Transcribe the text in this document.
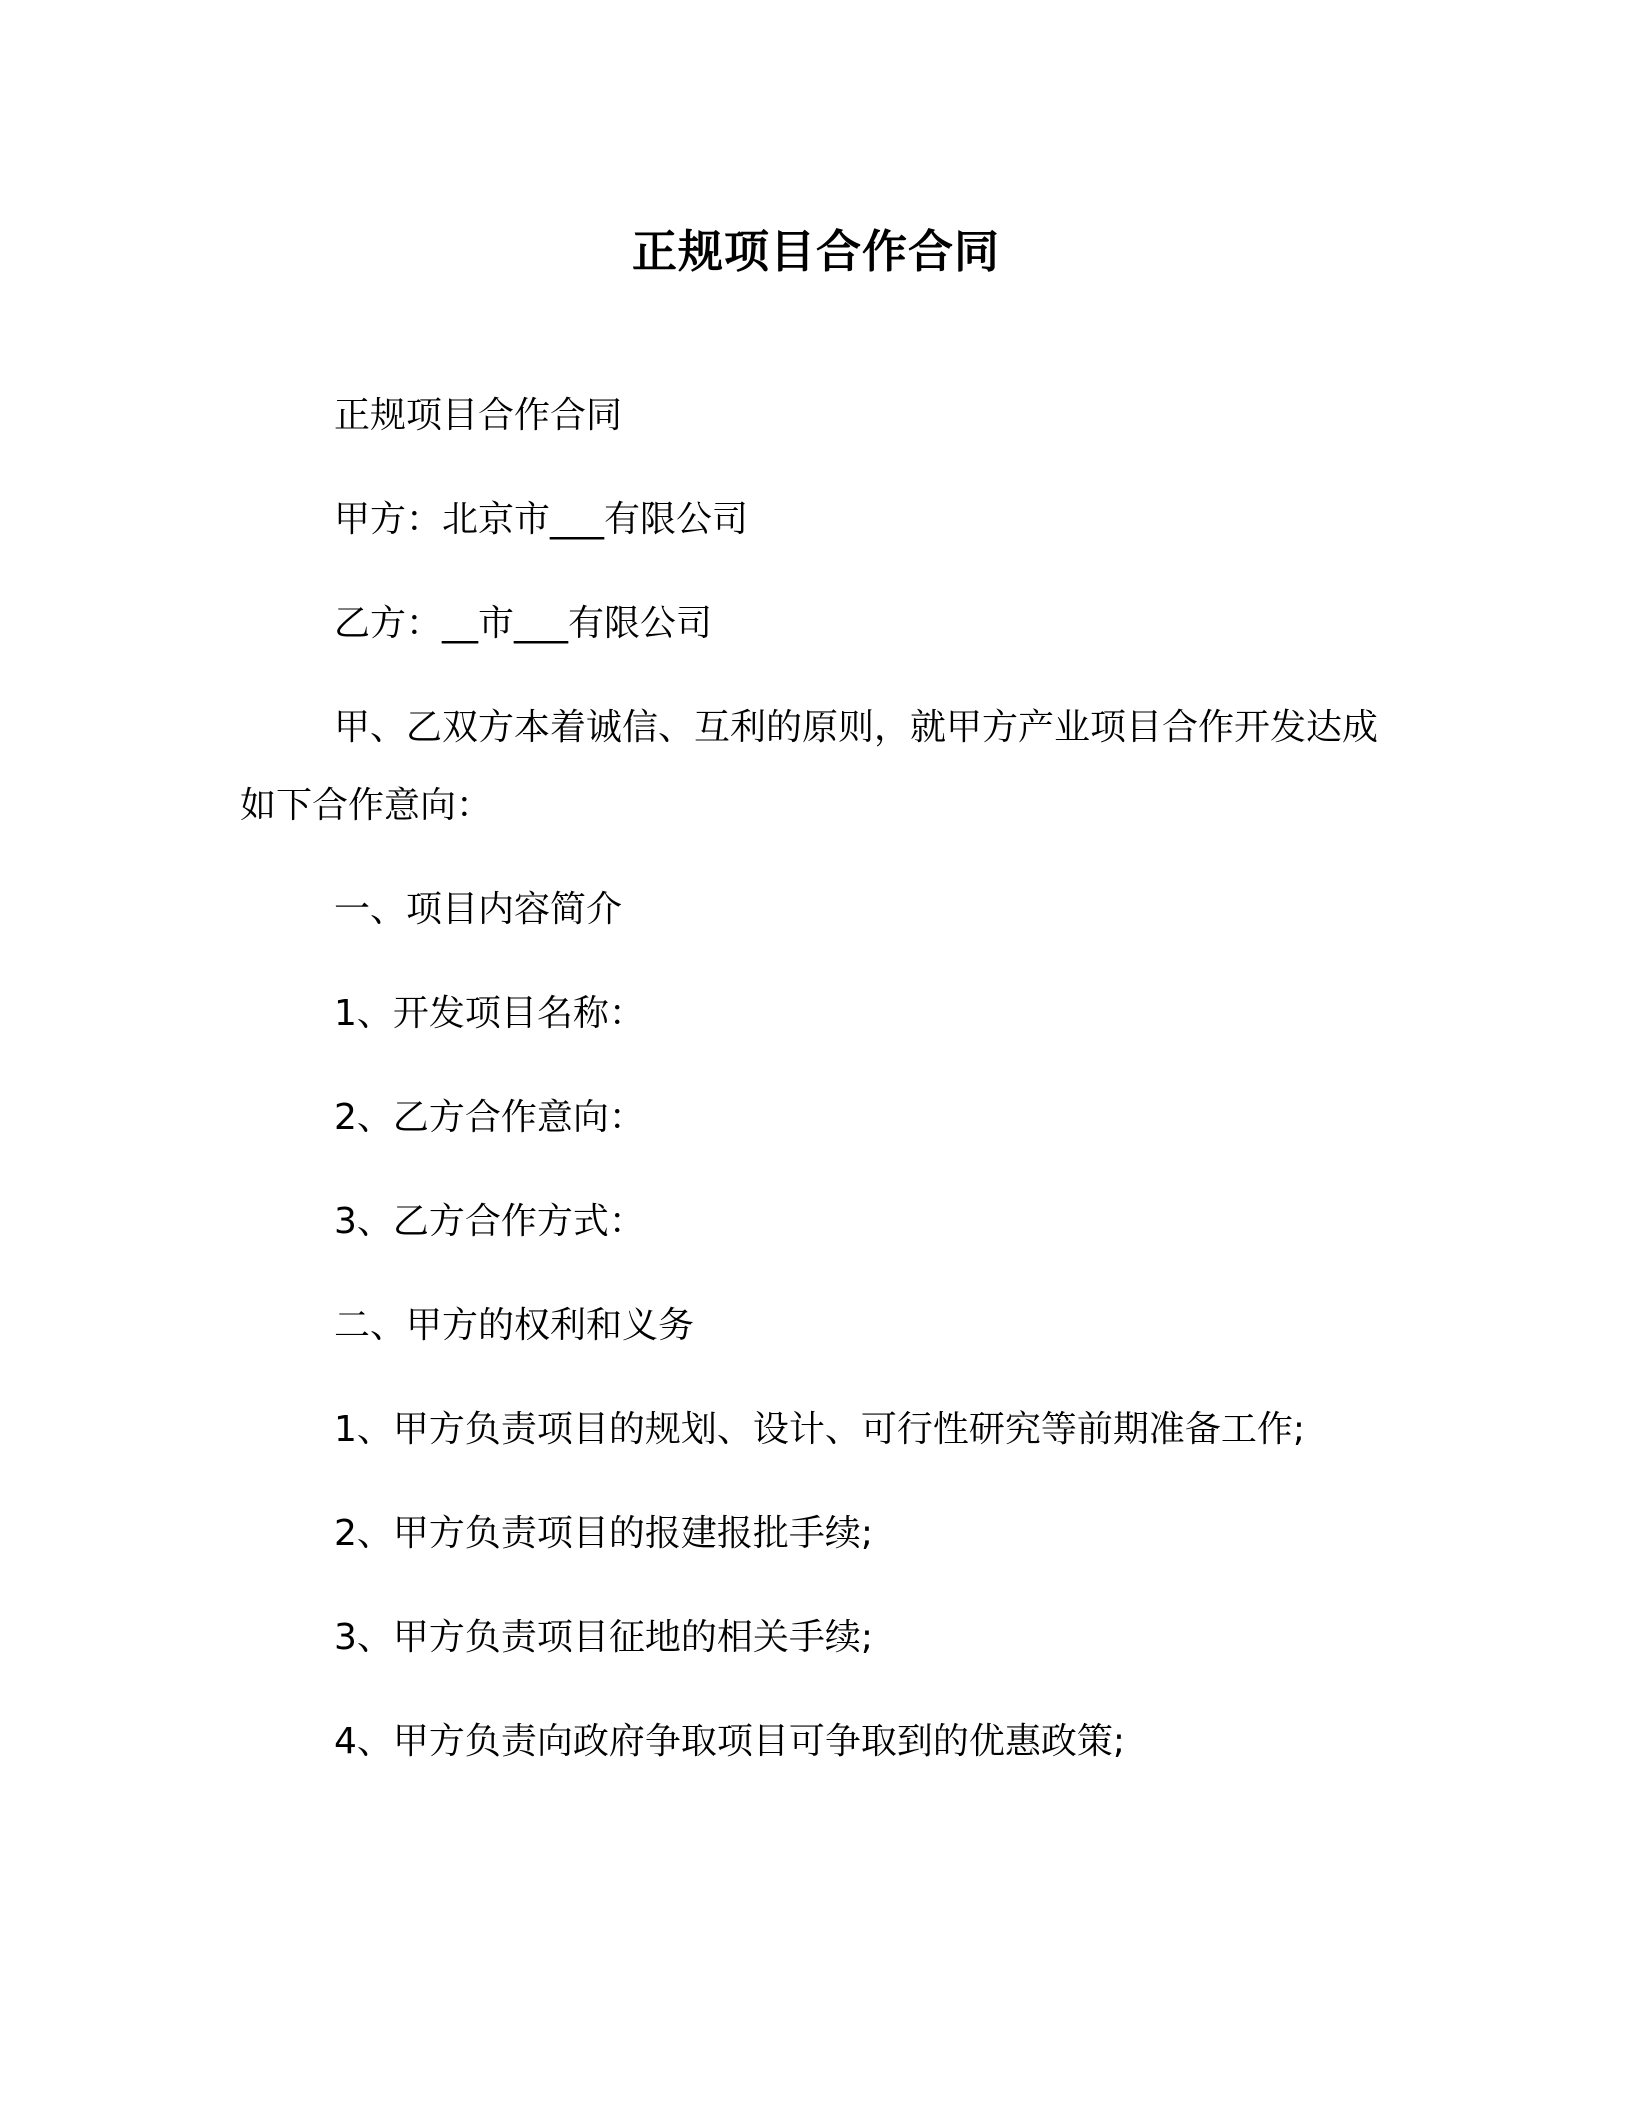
正规项目合作合同

正规项目合作合同

甲方：北京市___有限公司

乙方：__市___有限公司

甲、乙双方本着诚信、互利的原则，就甲方产业项目合作开发达成如下合作意向：

一、项目内容简介

1、开发项目名称：

2、乙方合作意向：

3、乙方合作方式：

二、甲方的权利和义务

1、甲方负责项目的规划、设计、可行性研究等前期准备工作;

2、甲方负责项目的报建报批手续;

3、甲方负责项目征地的相关手续;

4、甲方负责向政府争取项目可争取到的优惠政策;
